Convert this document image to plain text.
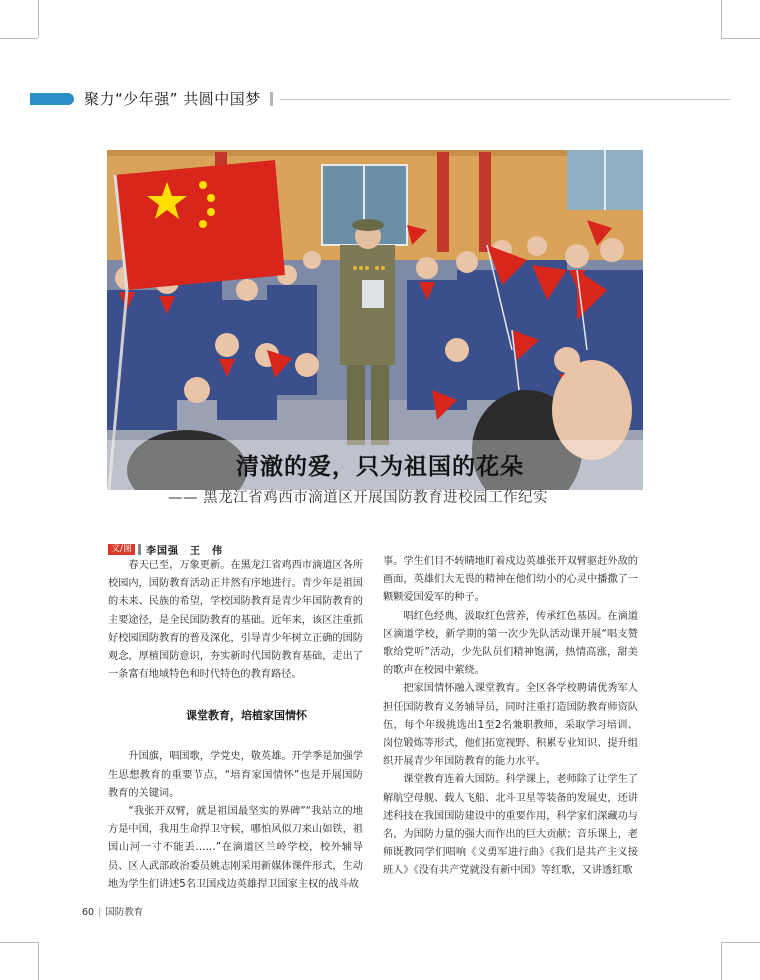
聚力“少年强” 共圆中国梦
清澈的爱，只为祖国的花朵
—— 黑龙江省鸡西市滴道区开展国防教育进校园工作纪实
文/图	李国强　王　伟

春天已至，万象更新。在黑龙江省鸡西市滴道区各所校园内，国防教育活动正井然有序地进行。青少年是祖国的未来、民族的希望，学校国防教育是青少年国防教育的主要途径，是全民国防教育的基础。近年来，该区注重抓好校园国防教育的普及深化，引导青少年树立正确的国防观念，厚植国防意识，夯实新时代国防教育基础，走出了一条富有地域特色和时代特色的教育路径。

课堂教育，培植家国情怀

升国旗，唱国歌，学党史，敬英雄。开学季是加强学生思想教育的重要节点，“培育家国情怀”也是开展国防教育的关键词。

“我张开双臂，就是祖国最坚实的界碑”“我站立的地方是中国，我用生命捍卫守候，哪怕风似刀来山如铁，祖国山河一寸不能丢……”在滴道区兰岭学校，校外辅导员、区人武部政治委员姚志刚采用新媒体课件形式，生动地为学生们讲述5名卫国戍边英雄捍卫国家主权的战斗故

事。学生们目不转睛地盯着戍边英雄张开双臂驱赶外敌的画面，英雄们大无畏的精神在他们幼小的心灵中播撒了一颗颗爱国爱军的种子。

唱红色经典，汲取红色营养，传承红色基因。在滴道区滴道学校，新学期的第一次少先队活动课开展“唱支赞歌给党听”活动，少先队员们精神饱满，热情高涨，甜美的歌声在校园中萦绕。

把家国情怀融入课堂教育。全区各学校聘请优秀军人担任国防教育义务辅导员，同时注重打造国防教育师资队伍，每个年级挑选出1至2名兼职教师，采取学习培训、岗位锻炼等形式，他们拓宽视野、积累专业知识、提升组织开展青少年国防教育的能力水平。

课堂教育连着大国防。科学课上，老师除了让学生了解航空母舰、载人飞船、北斗卫星等装备的发展史，还讲述科技在我国国防建设中的重要作用，科学家们深藏功与名，为国防力量的强大而作出的巨大贡献；音乐课上，老师既教同学们唱响《义勇军进行曲》《我们是共产主义接班人》《没有共产党就没有新中国》等红歌，又讲透红歌

60 | 国防教育
